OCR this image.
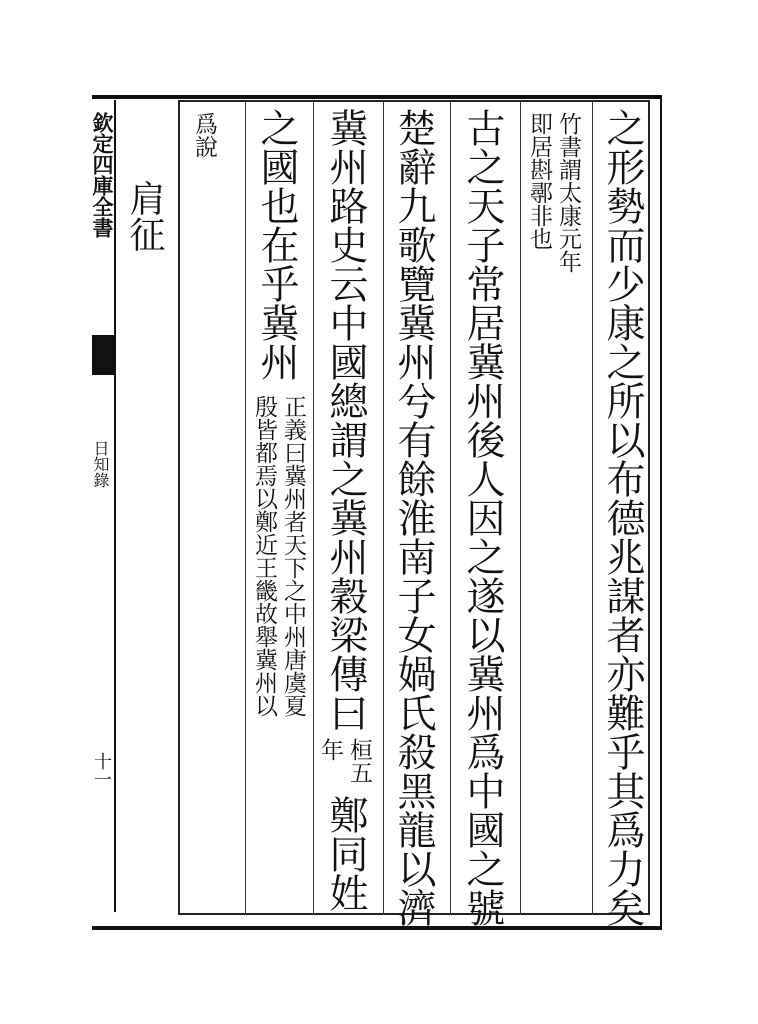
欽定四庫全書
日知錄
十一	之形勢而少康之所以布德兆謀者亦難乎其爲力矣
竹書謂太康元年
即居斟鄩非也
古之天子常居冀州後人因之遂以冀州爲中國之號
楚辭九歌覽冀州兮有餘淮南子女媧氏殺黑龍以濟
冀州路史云中國總謂之冀州穀梁傳曰
桓五
年
鄭同姓
之國也在乎冀州
正義曰冀州者天下之中州唐虞夏
殷皆都焉以鄭近王畿故舉冀州以
爲說
肩征
